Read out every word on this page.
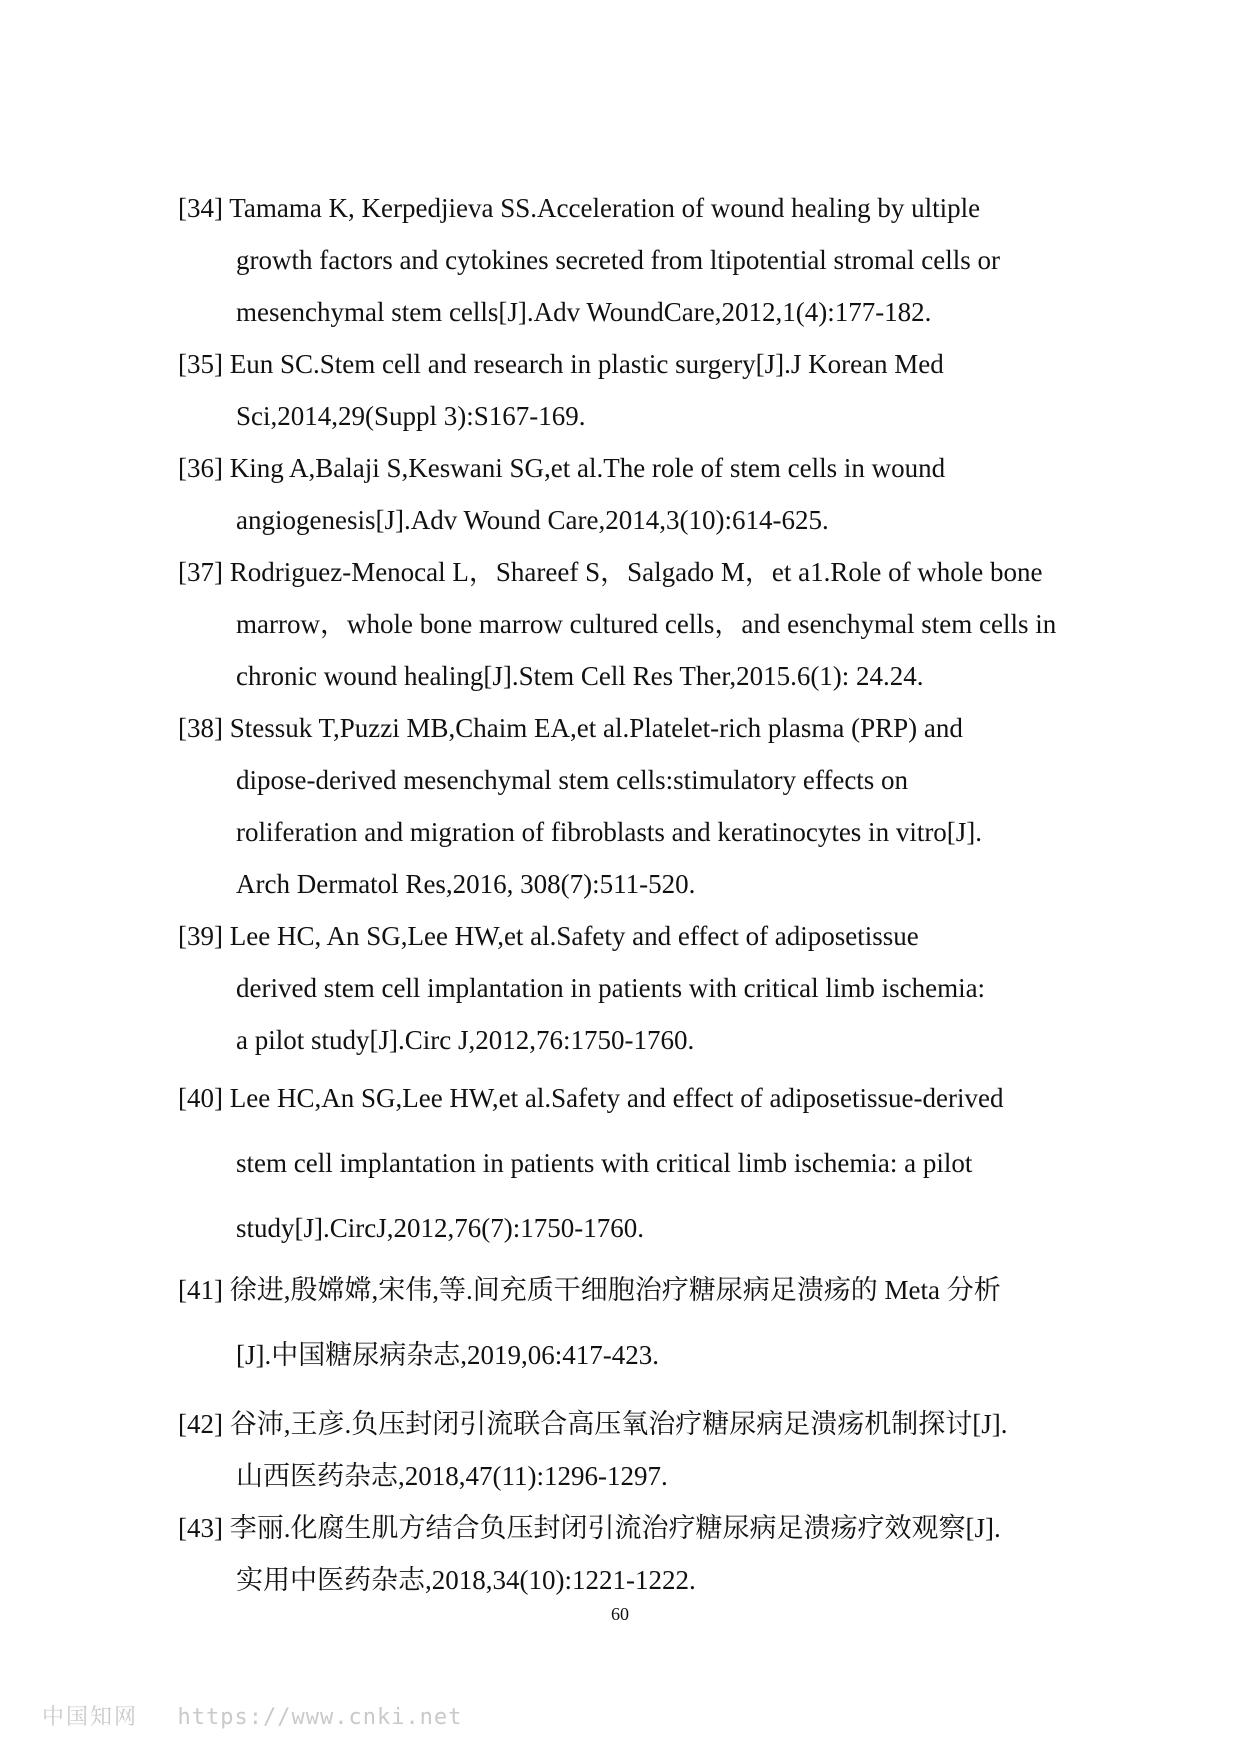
[34] Tamama K, Kerpedjieva SS.Acceleration of wound healing by ultiple
growth factors and cytokines secreted from ltipotential stromal cells or
mesenchymal stem cells[J].Adv WoundCare,2012,1(4):177-182.
[35] Eun SC.Stem cell and research in plastic surgery[J].J Korean Med
Sci,2014,29(Suppl 3):S167-169.
[36] King A,Balaji S,Keswani SG,et al.The role of stem cells in wound
angiogenesis[J].Adv Wound Care,2014,3(10):614-625.
[37] Rodriguez-Menocal L，Shareef S，Salgado M，et a1.Role of whole bone
marrow，whole bone marrow cultured cells，and esenchymal stem cells in
chronic wound healing[J].Stem Cell Res Ther,2015.6(1): 24.24.
[38] Stessuk T,Puzzi MB,Chaim EA,et al.Platelet-rich plasma (PRP) and
dipose-derived mesenchymal stem cells:stimulatory effects on
roliferation and migration of fibroblasts and keratinocytes in vitro[J].
Arch Dermatol Res,2016, 308(7):511-520.
[39] Lee HC, An SG,Lee HW,et al.Safety and effect of adiposetissue
derived stem cell implantation in patients with critical limb ischemia:
a pilot study[J].Circ J,2012,76:1750-1760.
[40] Lee HC,An SG,Lee HW,et al.Safety and effect of adiposetissue-derived
stem cell implantation in patients with critical limb ischemia: a pilot
study[J].CircJ,2012,76(7):1750-1760.
[41] 徐进,殷嫦嫦,宋伟,等.间充质干细胞治疗糖尿病足溃疡的 Meta 分析
[J].中国糖尿病杂志,2019,06:417-423.
[42] 谷沛,王彦.负压封闭引流联合高压氧治疗糖尿病足溃疡机制探讨[J].
山西医药杂志,2018,47(11):1296-1297.
[43] 李丽.化腐生肌方结合负压封闭引流治疗糖尿病足溃疡疗效观察[J].
实用中医药杂志,2018,34(10):1221-1222.
60
中国知网 https://www.cnki.net
